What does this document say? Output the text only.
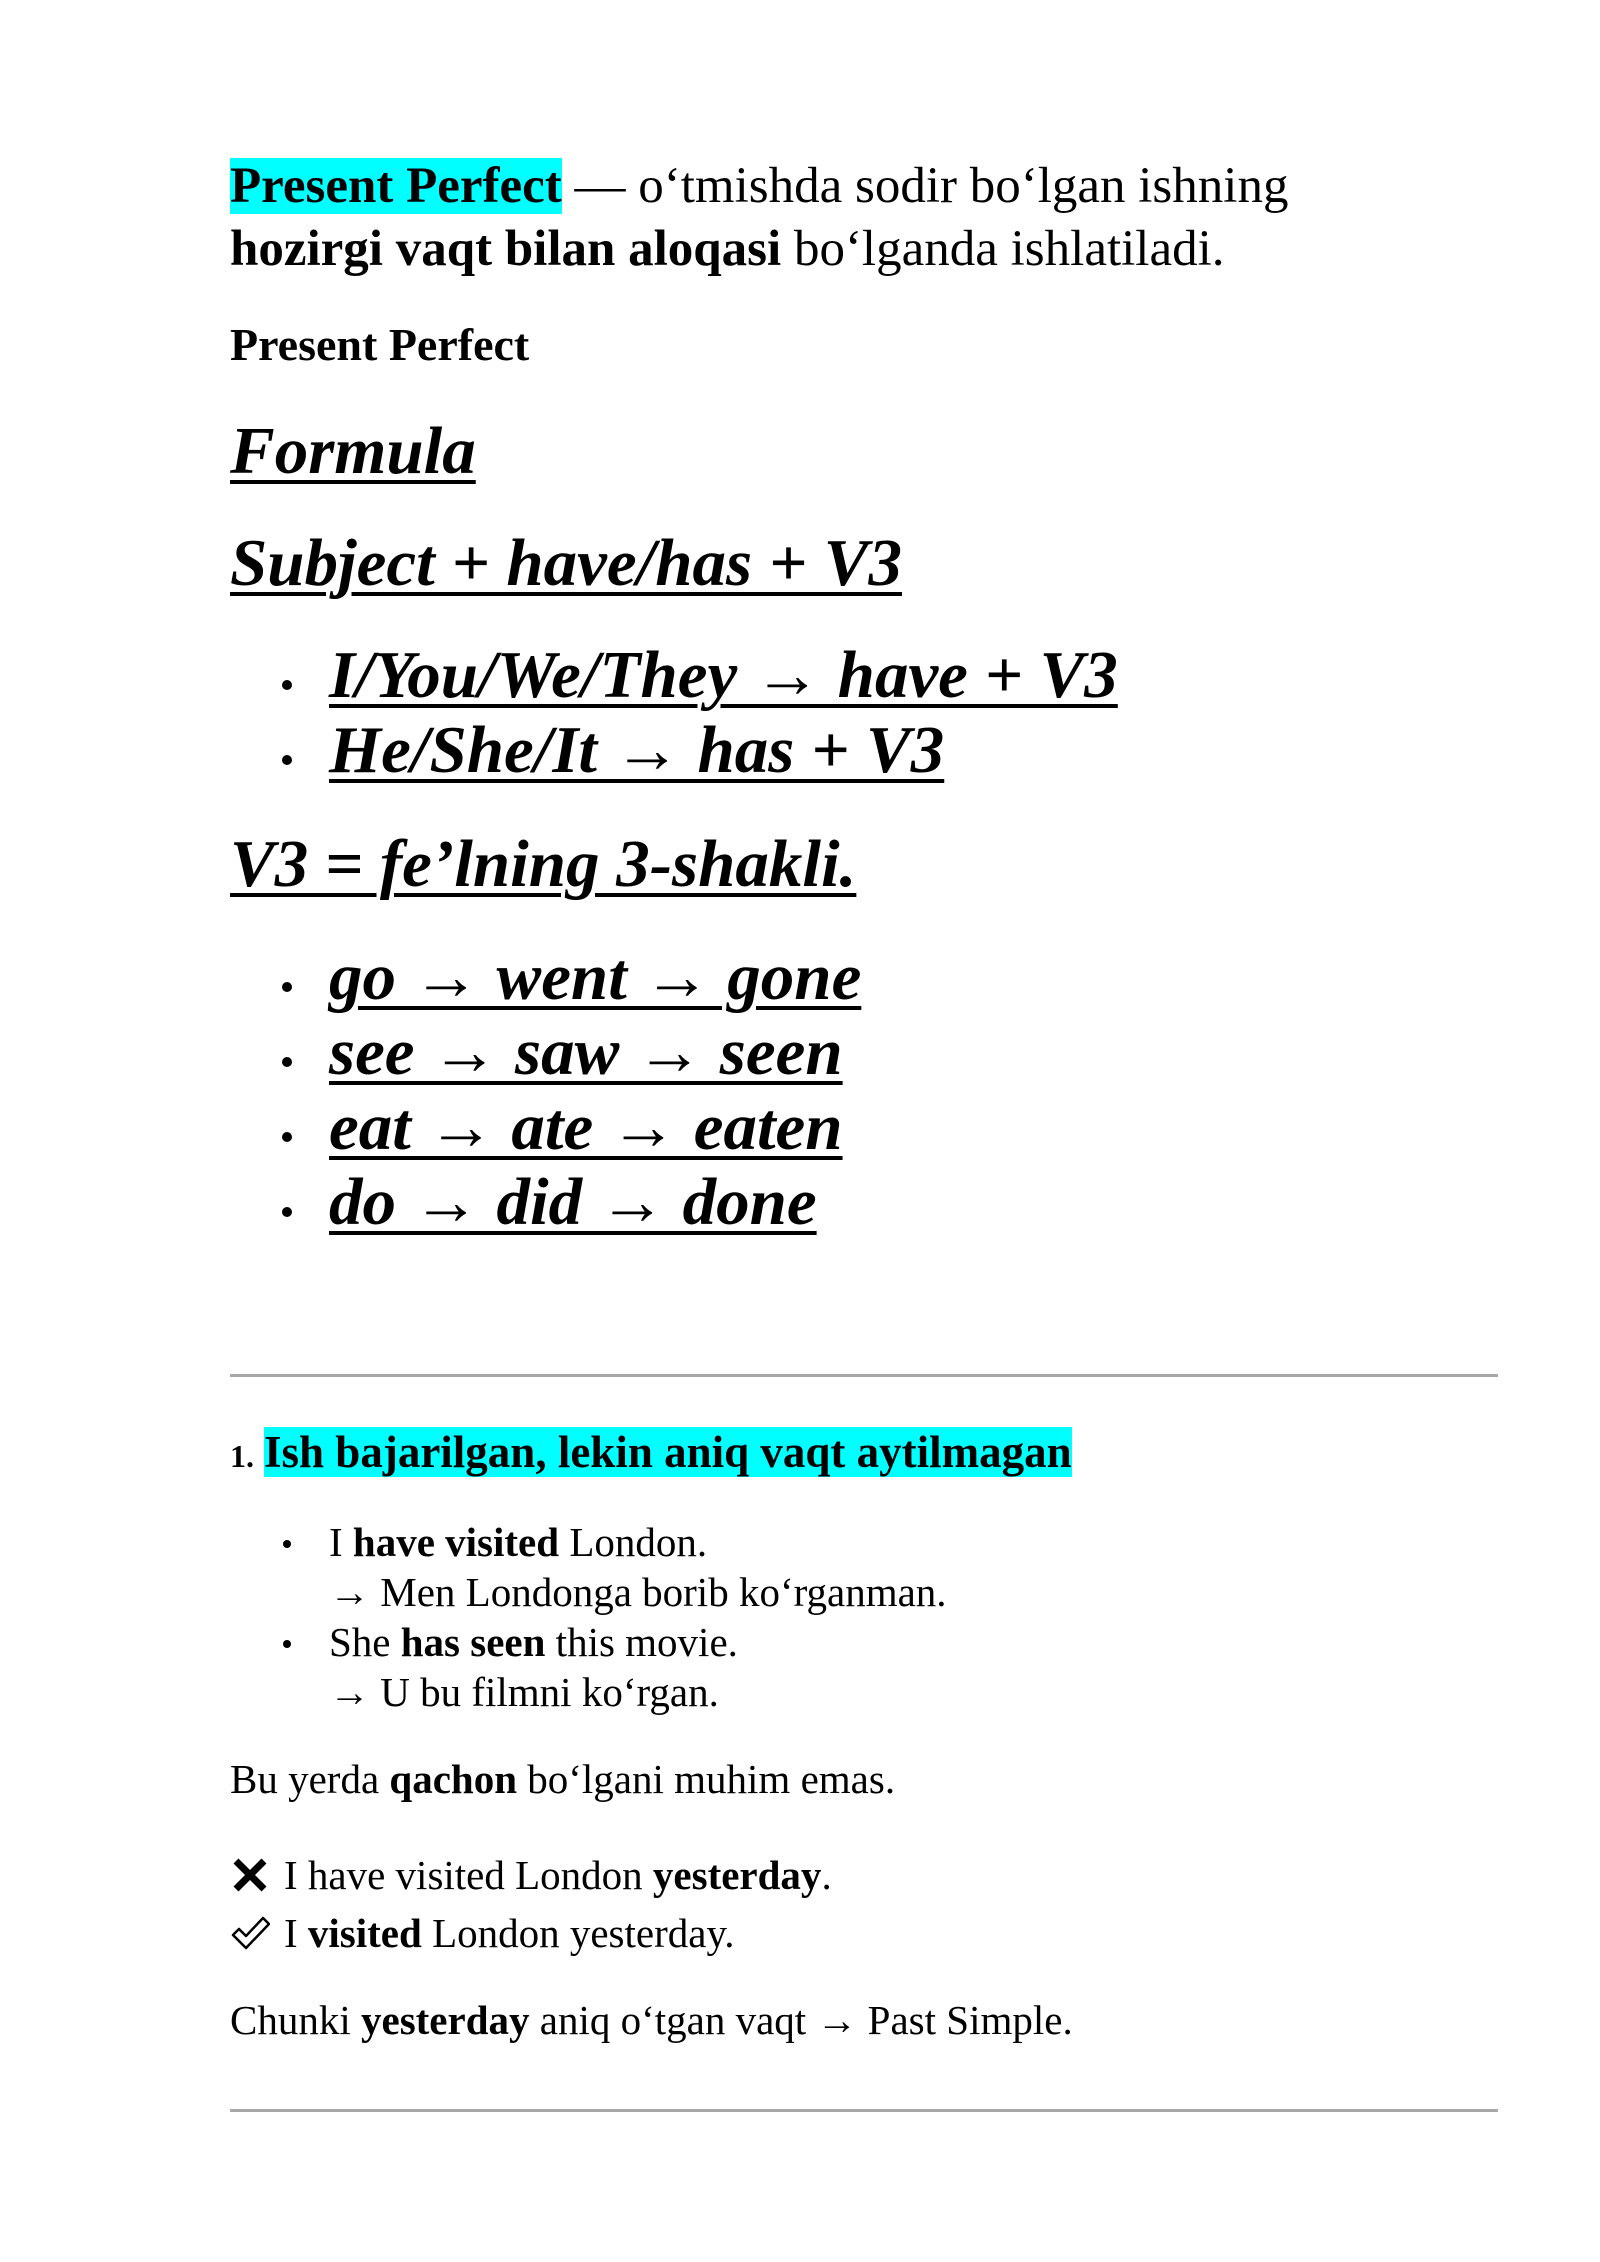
Present Perfect — o‘tmishda sodir bo‘lgan ishning
hozirgi vaqt bilan aloqasi bo‘lganda ishlatiladi.
Present Perfect
Formula
Subject + have/has + V3
I/You/We/They → have + V3
He/She/It → has + V3
V3 = fe’lning 3-shakli.
go → went → gone
see → saw → seen
eat → ate → eaten
do → did → done
1. Ish bajarilgan, lekin aniq vaqt aytilmagan
I have visited London.
→ Men Londonga borib ko‘rganman.
She has seen this movie.
→ U bu filmni ko‘rgan.
Bu yerda qachon bo‘lgani muhim emas.
I have visited London yesterday.
I visited London yesterday.
Chunki yesterday aniq o‘tgan vaqt → Past Simple.
